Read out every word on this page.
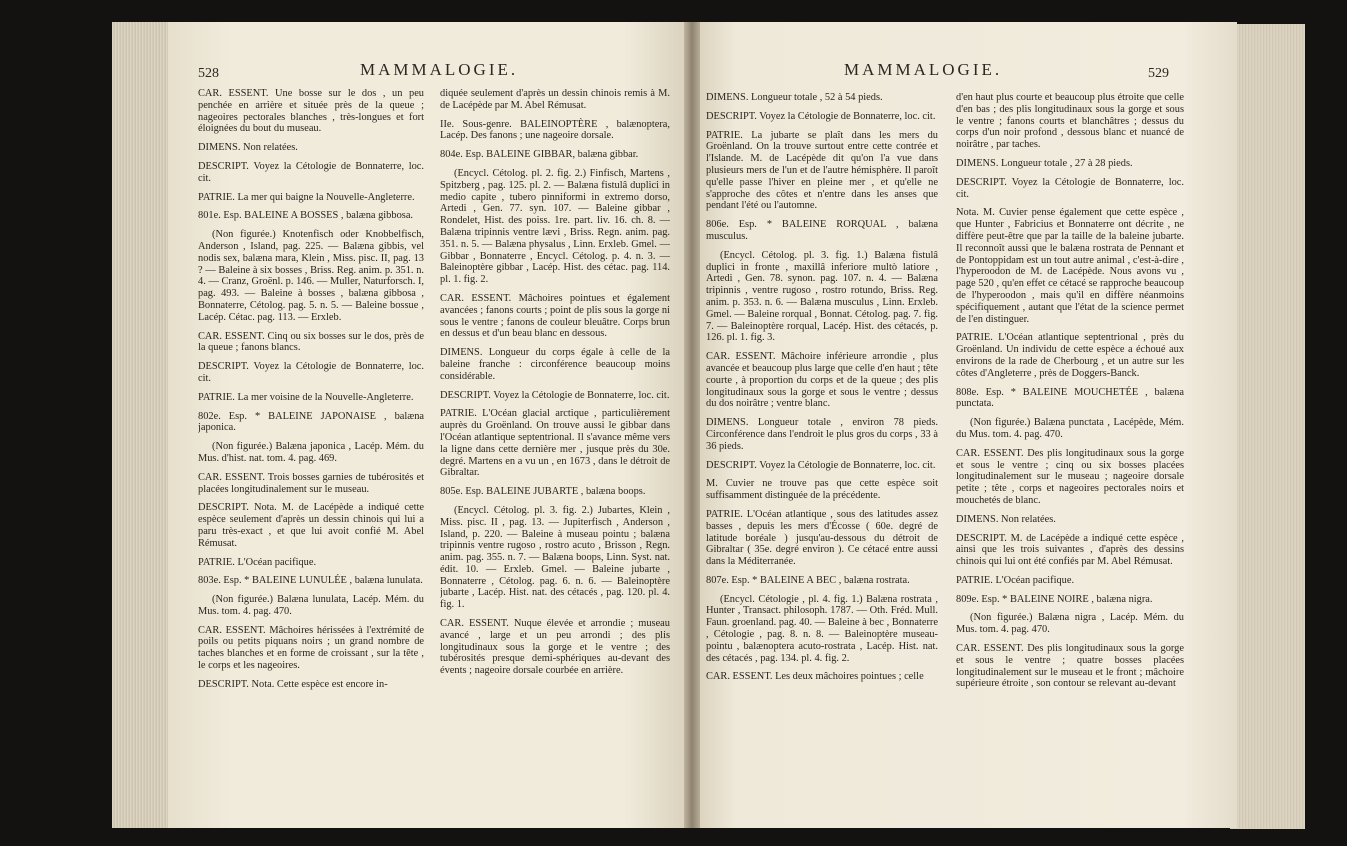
528	MAMMALOGIE.	MAMMALOGIE.	529

CAR. ESSENT. Une bosse sur le dos , un peu penchée en arrière et située près de la queue ; nageoires pectorales blanches , très-longues et fort éloignées du bout du museau.

DIMENS. Non relatées.

DESCRIPT. Voyez la Cétologie de Bonnaterre, loc. cit.

PATRIE. La mer qui baigne la Nouvelle-Angleterre.

801e. Esp. BALEINE A BOSSES , balæna gibbosa.

(Non figurée.) Knotenfisch oder Knobbelfisch, Anderson , Island, pag. 225. — Balæna gibbis, vel nodis sex, balæna mara, Klein , Miss. pisc. II, pag. 13 ? — Baleine à six bosses , Briss. Reg. anim. p. 351. n. 4. — Cranz, Groënl. p. 146. — Muller, Naturforsch. I, pag. 493. — Baleine à bosses , balæna gibbosa , Bonnaterre, Cétolog. pag. 5. n. 5. — Baleine bossue , Lacép. Cétac. pag. 113. — Erxleb.

CAR. ESSENT. Cinq ou six bosses sur le dos, près de la queue ; fanons blancs.

DESCRIPT. Voyez la Cétologie de Bonnaterre, loc. cit.

PATRIE. La mer voisine de la Nouvelle-Angleterre.

802e. Esp. * BALEINE JAPONAISE , balæna japonica.

(Non figurée.) Balæna japonica , Lacép. Mém. du Mus. d'hist. nat. tom. 4. pag. 469.

CAR. ESSENT. Trois bosses garnies de tubérosités et placées longitudinalement sur le museau.

DESCRIPT. Nota. M. de Lacépède a indiqué cette espèce seulement d'après un dessin chinois qui lui a paru très-exact , et que lui avoit confié M. Abel Rémusat.

PATRIE. L'Océan pacifique.

803e. Esp. * BALEINE LUNULÉE , balæna lunulata.

(Non figurée.) Balæna lunulata, Lacép. Mém. du Mus. tom. 4. pag. 470.

CAR. ESSENT. Mâchoires hérissées à l'extrémité de poils ou petits piquans noirs ; un grand nombre de taches blanches et en forme de croissant , sur la tête , le corps et les nageoires.

DESCRIPT. Nota. Cette espèce est encore in-

diquée seulement d'après un dessin chinois remis à M. de Lacépède par M. Abel Rémusat.

IIe. Sous-genre. BALEINOPTÈRE , balænoptera, Lacép. Des fanons ; une nageoire dorsale.

804e. Esp. BALEINE GIBBAR, balæna gibbar.

(Encycl. Cétolog. pl. 2. fig. 2.) Finfisch, Martens , Spitzberg , pag. 125. pl. 2. — Balæna fistulâ duplici in medio capite , tubero pinniformi in extremo dorso, Artedi , Gen. 77. syn. 107. — Baleine gibbar , Rondelet, Hist. des poiss. 1re. part. liv. 16. ch. 8. — Balæna tripinnis ventre lævi , Briss. Regn. anim. pag. 351. n. 5. — Balæna physalus , Linn. Erxleb. Gmel. — Gibbar , Bonnaterre , Encycl. Cétolog. p. 4. n. 3. — Baleinoptère gibbar , Lacép. Hist. des cétac. pag. 114. pl. 1. fig. 2.

CAR. ESSENT. Mâchoires pointues et également avancées ; fanons courts ; point de plis sous la gorge ni sous le ventre ; fanons de couleur bleuâtre. Corps brun en dessus et d'un beau blanc en dessous.

DIMENS. Longueur du corps égale à celle de la baleine franche : circonférence beaucoup moins considérable.

DESCRIPT. Voyez la Cétologie de Bonnaterre, loc. cit.

PATRIE. L'Océan glacial arctique , particulièrement auprès du Groënland. On trouve aussi le gibbar dans l'Océan atlantique septentrional. Il s'avance même vers la ligne dans cette dernière mer , jusque près du 30e. degré. Martens en a vu un , en 1673 , dans le détroit de Gibraltar.

805e. Esp. BALEINE JUBARTE , balæna boops.

(Encycl. Cétolog. pl. 3. fig. 2.) Jubartes, Klein , Miss. pisc. II , pag. 13. — Jupiterfisch , Anderson , Island, p. 220. — Baleine à museau pointu ; balæna tripinnis ventre rugoso , rostro acuto , Brisson , Regn. anim. pag. 355. n. 7. — Balæna boops, Linn. Syst. nat. édit. 10. — Erxleb. Gmel. — Baleine jubarte , Bonnaterre , Cétolog. pag. 6. n. 6. — Baleinoptère jubarte , Lacép. Hist. nat. des cétacés , pag. 120. pl. 4. fig. 1.

CAR. ESSENT. Nuque élevée et arrondie ; museau avancé , large et un peu arrondi ; des plis longitudinaux sous la gorge et le ventre ; des tubérosités presque demi-sphériques au-devant des évents ; nageoire dorsale courbée en arrière.

DIMENS. Longueur totale , 52 à 54 pieds.

DESCRIPT. Voyez la Cétologie de Bonnaterre, loc. cit.

PATRIE. La jubarte se plaît dans les mers du Groënland. On la trouve surtout entre cette contrée et l'Islande. M. de Lacépède dit qu'on l'a vue dans plusieurs mers de l'un et de l'autre hémisphère. Il paroît qu'elle passe l'hiver en pleine mer , et qu'elle ne s'approche des côtes et n'entre dans les anses que pendant l'été ou l'automne.

806e. Esp. * BALEINE RORQUAL , balæna musculus.

(Encycl. Cétolog. pl. 3. fig. 1.) Balæna fistulâ duplici in fronte , maxillâ inferiore multò latiore , Artedi , Gen. 78. synon. pag. 107. n. 4. — Balæna tripinnis , ventre rugoso , rostro rotundo, Briss. Reg. anim. p. 353. n. 6. — Balæna musculus , Linn. Erxleb. Gmel. — Baleine rorqual , Bonnat. Cétolog. pag. 7. fig. 7. — Baleinoptère rorqual, Lacép. Hist. des cétacés, p. 126. pl. 1. fig. 3.

CAR. ESSENT. Mâchoire inférieure arrondie , plus avancée et beaucoup plus large que celle d'en haut ; tête courte , à proportion du corps et de la queue ; des plis longitudinaux sous la gorge et sous le ventre ; dessus du dos noirâtre ; ventre blanc.

DIMENS. Longueur totale , environ 78 pieds. Circonférence dans l'endroit le plus gros du corps , 33 à 36 pieds.

DESCRIPT. Voyez la Cétologie de Bonnaterre, loc. cit.

M. Cuvier ne trouve pas que cette espèce soit suffisamment distinguée de la précédente.

PATRIE. L'Océan atlantique , sous des latitudes assez basses , depuis les mers d'Écosse ( 60e. degré de latitude boréale ) jusqu'au-dessous du détroit de Gibraltar ( 35e. degré environ ). Ce cétacé entre aussi dans la Méditerranée.

807e. Esp. * BALEINE A BEC , balæna rostrata.

(Encycl. Cétologie , pl. 4. fig. 1.) Balæna rostrata , Hunter , Transact. philosoph. 1787. — Oth. Fréd. Mull. Faun. groenland. pag. 40. — Baleine à bec , Bonnaterre , Cétologie , pag. 8. n. 8. — Baleinoptère museau-pointu , balænoptera acuto-rostrata , Lacép. Hist. nat. des cétacés , pag. 134. pl. 4. fig. 2.

CAR. ESSENT. Les deux mâchoires pointues ; celle

d'en haut plus courte et beaucoup plus étroite que celle d'en bas ; des plis longitudinaux sous la gorge et sous le ventre ; fanons courts et blanchâtres ; dessus du corps d'un noir profond , dessous blanc et nuancé de noirâtre , par taches.

DIMENS. Longueur totale , 27 à 28 pieds.

DESCRIPT. Voyez la Cétologie de Bonnaterre, loc. cit.

Nota. M. Cuvier pense également que cette espèce , que Hunter , Fabricius et Bonnaterre ont décrite , ne diffère peut-être que par la taille de la baleine jubarte. Il reconnoît aussi que le balæna rostrata de Pennant et de Pontoppidam est un tout autre animal , c'est-à-dire , l'hyperoodon de M. de Lacépède. Nous avons vu , page 520 , qu'en effet ce cétacé se rapproche beaucoup de l'hyperoodon , mais qu'il en diffère néanmoins spécifiquement , autant que l'état de la science permet de l'en distinguer.

PATRIE. L'Océan atlantique septentrional , près du Groënland. Un individu de cette espèce a échoué aux environs de la rade de Cherbourg , et un autre sur les côtes d'Angleterre , près de Doggers-Banck.

808e. Esp. * BALEINE MOUCHETÉE , balæna punctata.

(Non figurée.) Balæna punctata , Lacépède, Mém. du Mus. tom. 4. pag. 470.

CAR. ESSENT. Des plis longitudinaux sous la gorge et sous le ventre ; cinq ou six bosses placées longitudinalement sur le museau ; nageoire dorsale petite ; tête , corps et nageoires pectorales noirs et mouchetés de blanc.

DIMENS. Non relatées.

DESCRIPT. M. de Lacépède a indiqué cette espèce , ainsi que les trois suivantes , d'après des dessins chinois qui lui ont été confiés par M. Abel Rémusat.

PATRIE. L'Océan pacifique.

809e. Esp. * BALEINE NOIRE , balæna nigra.

(Non figurée.) Balæna nigra , Lacép. Mém. du Mus. tom. 4. pag. 470.

CAR. ESSENT. Des plis longitudinaux sous la gorge et sous le ventre ; quatre bosses placées longitudinalement sur le museau et le front ; mâchoire supérieure étroite , son contour se relevant au-devant
